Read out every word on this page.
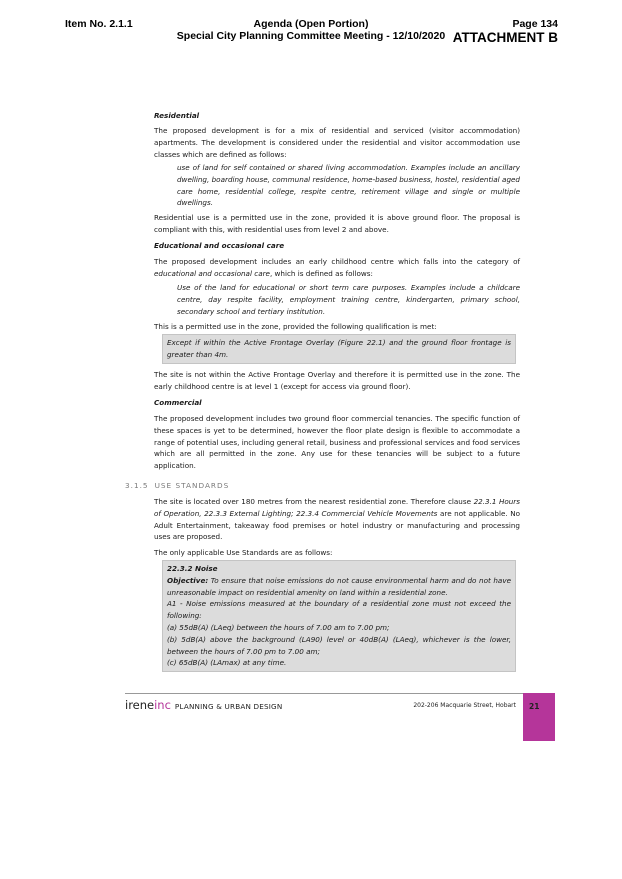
Item No. 2.1.1	Agenda (Open Portion)
Special City Planning Committee Meeting - 12/10/2020
Page 134
ATTACHMENT B

Residential

The proposed development is for a mix of residential and serviced (visitor accommodation) apartments. The development is considered under the residential and visitor accommodation use classes which are defined as follows:

use of land for self contained or shared living accommodation. Examples include an ancillary dwelling, boarding house, communal residence, home-based business, hostel, residential aged care home, residential college, respite centre, retirement village and single or multiple dwellings.

Residential use is a permitted use in the zone, provided it is above ground floor. The proposal is compliant with this, with residential uses from level 2 and above.

Educational and occasional care

The proposed development includes an early childhood centre which falls into the category of educational and occasional care, which is defined as follows:

Use of the land for educational or short term care purposes. Examples include a childcare centre, day respite facility, employment training centre, kindergarten, primary school, secondary school and tertiary institution.

This is a permitted use in the zone, provided the following qualification is met:

Except if within the Active Frontage Overlay (Figure 22.1) and the ground floor frontage is greater than 4m.

The site is not within the Active Frontage Overlay and therefore it is permitted use in the zone. The early childhood centre is at level 1 (except for access via ground floor).

Commercial

The proposed development includes two ground floor commercial tenancies. The specific function of these spaces is yet to be determined, however the floor plate design is flexible to accommodate a range of potential uses, including general retail, business and professional services and food services which are all permitted in the zone. Any use for these tenancies will be subject to a future application.

3.1.5 USE STANDARDS

The site is located over 180 metres from the nearest residential zone. Therefore clause 22.3.1 Hours of Operation, 22.3.3 External Lighting; 22.3.4 Commercial Vehicle Movements are not applicable. No Adult Entertainment, takeaway food premises or hotel industry or manufacturing and processing uses are proposed.

The only applicable Use Standards are as follows:

22.3.2 Noise

Objective: To ensure that noise emissions do not cause environmental harm and do not have unreasonable impact on residential amenity on land within a residential zone.

A1 - Noise emissions measured at the boundary of a residential zone must not exceed the following:

(a) 55dB(A) (LAeq) between the hours of 7.00 am to 7.00 pm;

(b) 5dB(A) above the background (LA90) level or 40dB(A) (LAeq), whichever is the lower, between the hours of 7.00 pm to 7.00 am;

(c) 65dB(A) (LAmax) at any time.

ireneinc PLANNING & URBAN DESIGN	202-206 Macquarie Street, Hobart 21
